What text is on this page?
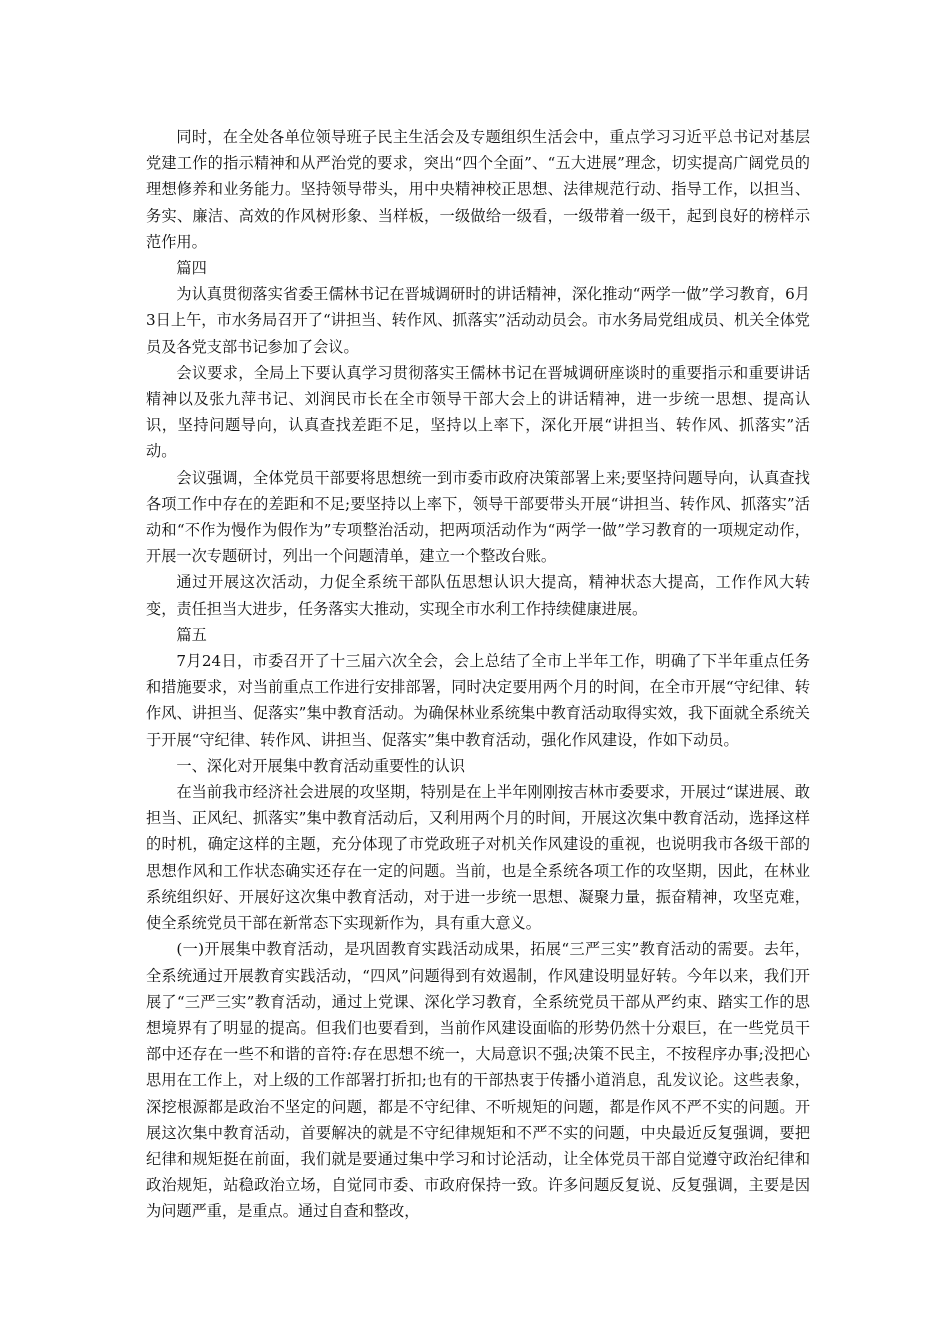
同时，在全处各单位领导班子民主生活会及专题组织生活会中，重点学习习近平总书记对基层党建工作的指示精神和从严治党的要求，突出“四个全面”、“五大进展”理念，切实提高广阔党员的理想修养和业务能力。坚持领导带头，用中央精神校正思想、法律规范行动、指导工作，以担当、务实、廉洁、高效的作风树形象、当样板，一级做给一级看，一级带着一级干，起到良好的榜样示范作用。

篇四

为认真贯彻落实省委王儒林书记在晋城调研时的讲话精神，深化推动“两学一做”学习教育，6月3日上午，市水务局召开了“讲担当、转作风、抓落实”活动动员会。市水务局党组成员、机关全体党员及各党支部书记参加了会议。

会议要求，全局上下要认真学习贯彻落实王儒林书记在晋城调研座谈时的重要指示和重要讲话精神以及张九萍书记、刘润民市长在全市领导干部大会上的讲话精神，进一步统一思想、提高认识，坚持问题导向，认真查找差距不足，坚持以上率下，深化开展“讲担当、转作风、抓落实”活动。

会议强调，全体党员干部要将思想统一到市委市政府决策部署上来;要坚持问题导向，认真查找各项工作中存在的差距和不足;要坚持以上率下，领导干部要带头开展“讲担当、转作风、抓落实”活动和“不作为慢作为假作为”专项整治活动，把两项活动作为“两学一做”学习教育的一项规定动作，开展一次专题研讨，列出一个问题清单，建立一个整改台账。

通过开展这次活动，力促全系统干部队伍思想认识大提高，精神状态大提高，工作作风大转变，责任担当大进步，任务落实大推动，实现全市水利工作持续健康进展。

篇五

7月24日，市委召开了十三届六次全会，会上总结了全市上半年工作，明确了下半年重点任务和措施要求，对当前重点工作进行安排部署，同时决定要用两个月的时间，在全市开展“守纪律、转作风、讲担当、促落实”集中教育活动。为确保林业系统集中教育活动取得实效，我下面就全系统关于开展“守纪律、转作风、讲担当、促落实”集中教育活动，强化作风建设，作如下动员。

一、深化对开展集中教育活动重要性的认识

在当前我市经济社会进展的攻坚期，特别是在上半年刚刚按吉林市委要求，开展过“谋进展、敢担当、正风纪、抓落实”集中教育活动后，又利用两个月的时间，开展这次集中教育活动，选择这样的时机，确定这样的主题，充分体现了市党政班子对机关作风建设的重视，也说明我市各级干部的思想作风和工作状态确实还存在一定的问题。当前，也是全系统各项工作的攻坚期，因此，在林业系统组织好、开展好这次集中教育活动，对于进一步统一思想、凝聚力量，振奋精神，攻坚克难，使全系统党员干部在新常态下实现新作为，具有重大意义。

(一)开展集中教育活动，是巩固教育实践活动成果，拓展“三严三实”教育活动的需要。去年，全系统通过开展教育实践活动，“四风”问题得到有效遏制，作风建设明显好转。今年以来，我们开展了“三严三实”教育活动，通过上党课、深化学习教育，全系统党员干部从严约束、踏实工作的思想境界有了明显的提高。但我们也要看到，当前作风建设面临的形势仍然十分艰巨，在一些党员干部中还存在一些不和谐的音符:存在思想不统一，大局意识不强;决策不民主，不按程序办事;没把心思用在工作上，对上级的工作部署打折扣;也有的干部热衷于传播小道消息，乱发议论。这些表象，深挖根源都是政治不坚定的问题，都是不守纪律、不听规矩的问题，都是作风不严不实的问题。开展这次集中教育活动，首要解决的就是不守纪律规矩和不严不实的问题，中央最近反复强调，要把纪律和规矩挺在前面，我们就是要通过集中学习和讨论活动，让全体党员干部自觉遵守政治纪律和政治规矩，站稳政治立场，自觉同市委、市政府保持一致。许多问题反复说、反复强调，主要是因为问题严重，是重点。通过自查和整改，
